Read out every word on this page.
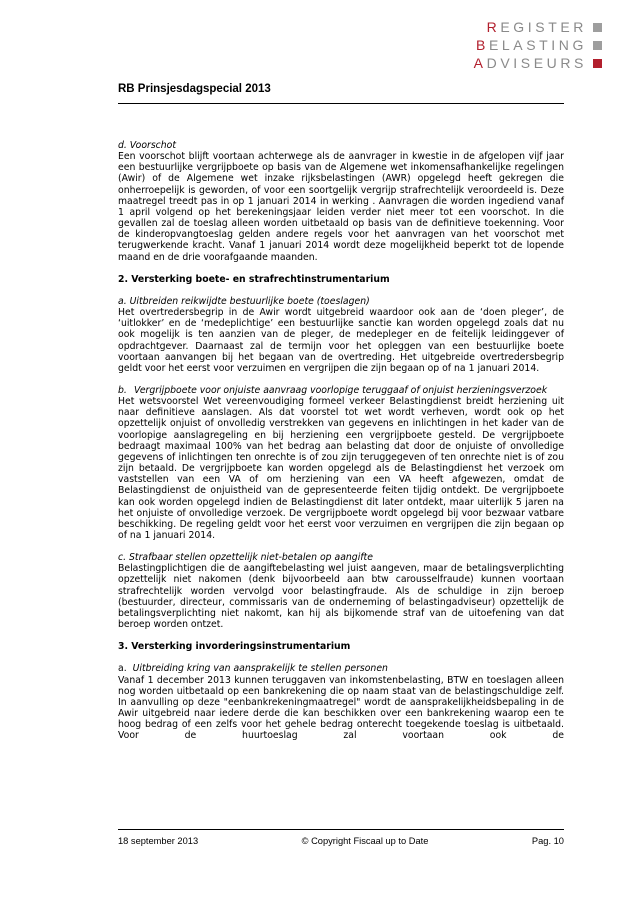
R EGISTER
B ELASTING
A DVISEURS
RB Prinsjesdagspecial 2013

d. Voorschot

Een voorschot blijft voortaan achterwege als de aanvrager in kwestie in de afgelopen vijf jaar een bestuurlijke vergrijpboete op basis van de Algemene wet inkomensafhankelijke regelingen (Awir) of de Algemene wet inzake rijksbelastingen (AWR) opgelegd heeft gekregen die onherroepelijk is geworden, of voor een soortgelijk vergrijp strafrechtelijk veroordeeld is. Deze maatregel treedt pas in op 1 januari 2014 in werking . Aanvragen die worden ingediend vanaf 1 april volgend op het berekeningsjaar leiden verder niet meer tot een voorschot. In die gevallen zal de toeslag alleen worden uitbetaald op basis van de definitieve toekenning. Voor de kinderopvangtoeslag gelden andere regels voor het aanvragen van het voorschot met terugwerkende kracht. Vanaf 1 januari 2014 wordt deze mogelijkheid beperkt tot de lopende maand en de drie voorafgaande maanden.

2. Versterking boete- en strafrechtinstrumentarium

a. Uitbreiden reikwijdte bestuurlijke boete (toeslagen)

Het overtredersbegrip in de Awir wordt uitgebreid waardoor ook aan de ‘doen pleger’, de ‘uitlokker’ en de ‘medeplichtige’ een bestuurlijke sanctie kan worden opgelegd zoals dat nu ook mogelijk is ten aanzien van de pleger, de medepleger en de feitelijk leidinggever of opdrachtgever. Daarnaast zal de termijn voor het opleggen van een bestuurlijke boete voortaan aanvangen bij het begaan van de overtreding. Het uitgebreide overtredersbegrip geldt voor het eerst voor verzuimen en vergrijpen die zijn begaan op of na 1 januari 2014.

b. Vergrijpboete voor onjuiste aanvraag voorlopige teruggaaf of onjuist herzieningsverzoek

Het wetsvoorstel Wet vereenvoudiging formeel verkeer Belastingdienst breidt herziening uit naar definitieve aanslagen. Als dat voorstel tot wet wordt verheven, wordt ook op het opzettelijk onjuist of onvolledig verstrekken van gegevens en inlichtingen in het kader van de voorlopige aanslagregeling en bij herziening een vergrijpboete gesteld. De vergrijpboete bedraagt maximaal 100% van het bedrag aan belasting dat door de onjuiste of onvolledige gegevens of inlichtingen ten onrechte is of zou zijn teruggegeven of ten onrechte niet is of zou zijn betaald. De vergrijpboete kan worden opgelegd als de Belastingdienst het verzoek om vaststellen van een VA of om herziening van een VA heeft afgewezen, omdat de Belastingdienst de onjuistheid van de gepresenteerde feiten tijdig ontdekt. De vergrijpboete kan ook worden opgelegd indien de Belastingdienst dit later ontdekt, maar uiterlijk 5 jaren na het onjuiste of onvolledige verzoek. De vergrijpboete wordt opgelegd bij voor bezwaar vatbare beschikking. De regeling geldt voor het eerst voor verzuimen en vergrijpen die zijn begaan op of na 1 januari 2014.

c. Strafbaar stellen opzettelijk niet-betalen op aangifte

Belastingplichtigen die de aangiftebelasting wel juist aangeven, maar de betalingsverplichting opzettelijk niet nakomen (denk bijvoorbeeld aan btw carousselfraude) kunnen voortaan strafrechtelijk worden vervolgd voor belastingfraude. Als de schuldige in zijn beroep (bestuurder, directeur, commissaris van de onderneming of belastingadviseur) opzettelijk de betalingsverplichting niet nakomt, kan hij als bijkomende straf van de uitoefening van dat beroep worden ontzet.

3. Versterking invorderingsinstrumentarium

a.  Uitbreiding kring van aansprakelijk te stellen personen

Vanaf 1 december 2013 kunnen teruggaven van inkomstenbelasting, BTW en toeslagen alleen nog worden uitbetaald op een bankrekening die op naam staat van de belastingschuldige zelf. In aanvulling op deze "eenbankrekeningmaatregel" wordt de aansprakelijkheidsbepaling in de Awir uitgebreid naar iedere derde die kan beschikken over een bankrekening waarop een te hoog bedrag of een zelfs voor het gehele bedrag onterecht toegekende toeslag is uitbetaald. Voor de huurtoeslag zal voortaan ook de

18 september 2013	© Copyright Fiscaal up to Date	Pag. 10
